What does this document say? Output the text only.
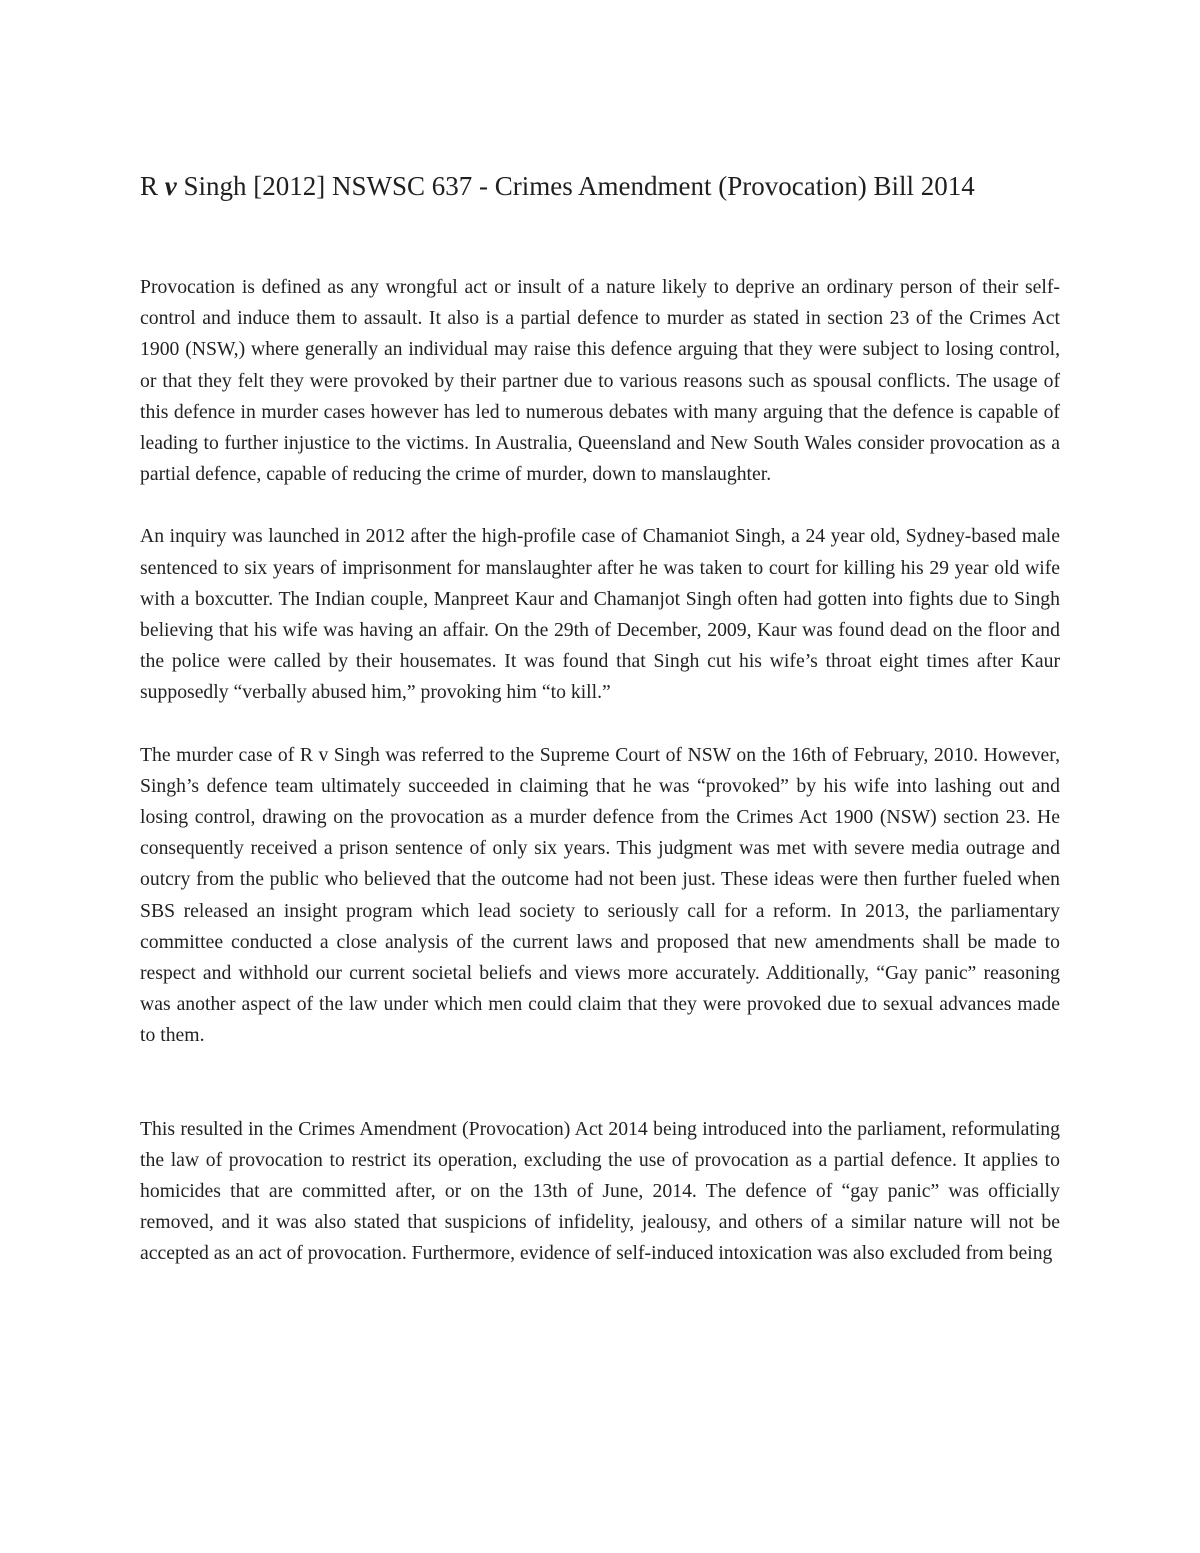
R v Singh [2012] NSWSC 637 - Crimes Amendment (Provocation) Bill 2014

Provocation is defined as any wrongful act or insult of a nature likely to deprive an ordinary person of their self-control and induce them to assault. It also is a partial defence to murder as stated in section 23 of the Crimes Act 1900 (NSW,) where generally an individual may raise this defence arguing that they were subject to losing control, or that they felt they were provoked by their partner due to various reasons such as spousal conflicts. The usage of this defence in murder cases however has led to numerous debates with many arguing that the defence is capable of leading to further injustice to the victims. In Australia, Queensland and New South Wales consider provocation as a partial defence, capable of reducing the crime of murder, down to manslaughter.

An inquiry was launched in 2012 after the high-profile case of Chamaniot Singh, a 24 year old, Sydney-based male sentenced to six years of imprisonment for manslaughter after he was taken to court for killing his 29 year old wife with a boxcutter. The Indian couple, Manpreet Kaur and Chamanjot Singh often had gotten into fights due to Singh believing that his wife was having an affair. On the 29th of December, 2009, Kaur was found dead on the floor and the police were called by their housemates. It was found that Singh cut his wife’s throat eight times after Kaur supposedly “verbally abused him,” provoking him “to kill.”

The murder case of R v Singh was referred to the Supreme Court of NSW on the 16th of February, 2010. However, Singh’s defence team ultimately succeeded in claiming that he was “provoked” by his wife into lashing out and losing control, drawing on the provocation as a murder defence from the Crimes Act 1900 (NSW) section 23. He consequently received a prison sentence of only six years. This judgment was met with severe media outrage and outcry from the public who believed that the outcome had not been just. These ideas were then further fueled when SBS released an insight program which lead society to seriously call for a reform. In 2013, the parliamentary committee conducted a close analysis of the current laws and proposed that new amendments shall be made to respect and withhold our current societal beliefs and views more accurately. Additionally, “Gay panic” reasoning was another aspect of the law under which men could claim that they were provoked due to sexual advances made to them.

This resulted in the Crimes Amendment (Provocation) Act 2014 being introduced into the parliament, reformulating the law of provocation to restrict its operation, excluding the use of provocation as a partial defence. It applies to homicides that are committed after, or on the 13th of June, 2014. The defence of “gay panic” was officially removed, and it was also stated that suspicions of infidelity, jealousy, and others of a similar nature will not be accepted as an act of provocation. Furthermore, evidence of self-induced intoxication was also excluded from being
